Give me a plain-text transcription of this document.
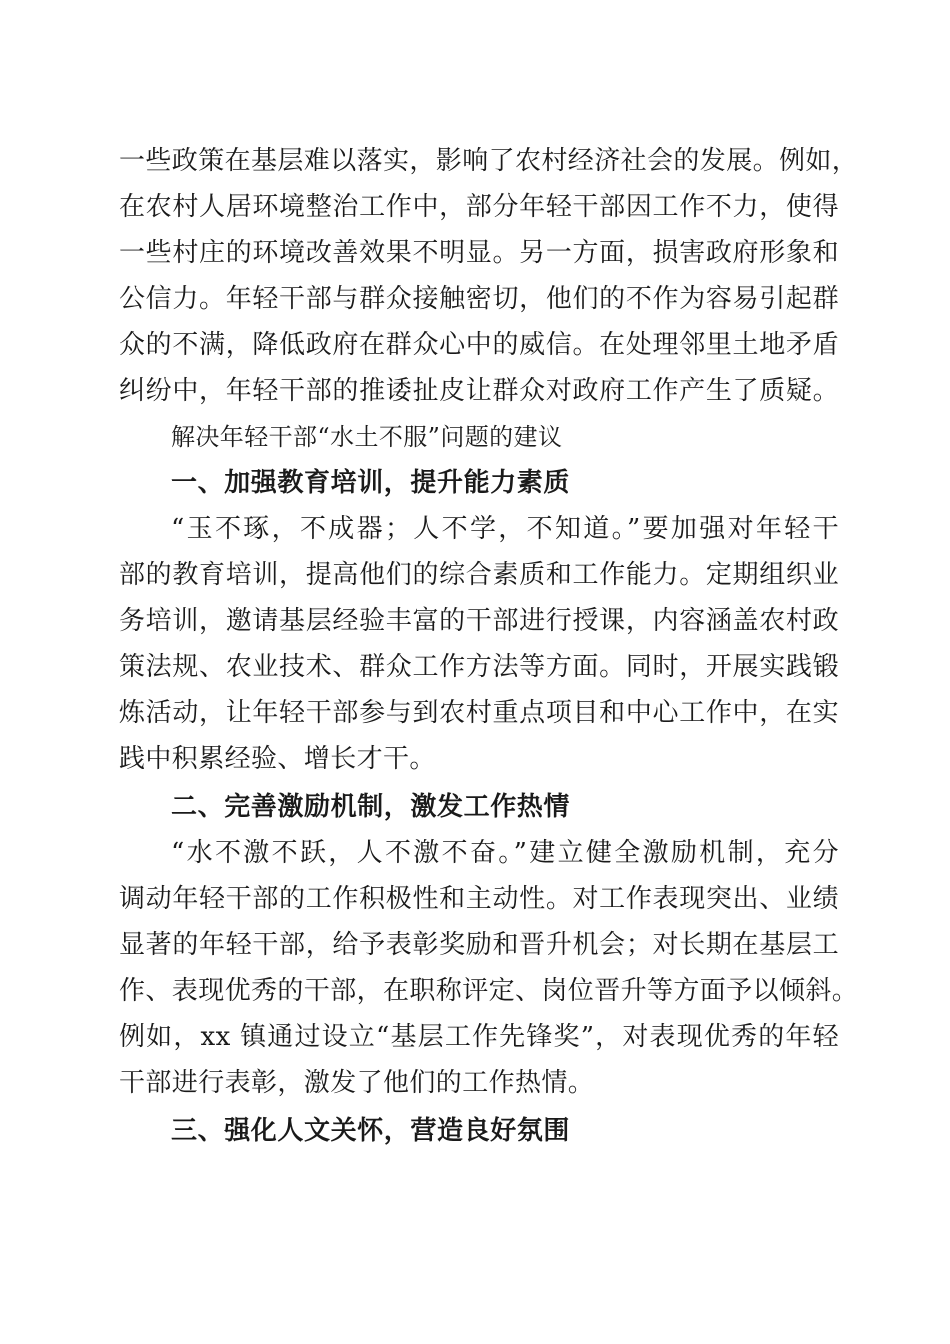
一些政策在基层难以落实，影响了农村经济社会的发展。例如，
在农村人居环境整治工作中，部分年轻干部因工作不力，使得
一些村庄的环境改善效果不明显。另一方面，损害政府形象和
公信力。年轻干部与群众接触密切，他们的不作为容易引起群
众的不满，降低政府在群众心中的威信。在处理邻里土地矛盾
纠纷中，年轻干部的推诿扯皮让群众对政府工作产生了质疑。
解决年轻干部“水土不服”问题的建议
一、加强教育培训，提升能力素质
“玉不琢，不成器；人不学，不知道。”要加强对年轻干
部的教育培训，提高他们的综合素质和工作能力。定期组织业
务培训，邀请基层经验丰富的干部进行授课，内容涵盖农村政
策法规、农业技术、群众工作方法等方面。同时，开展实践锻
炼活动，让年轻干部参与到农村重点项目和中心工作中，在实
践中积累经验、增长才干。
二、完善激励机制，激发工作热情
“水不激不跃，人不激不奋。”建立健全激励机制，充分
调动年轻干部的工作积极性和主动性。对工作表现突出、业绩
显著的年轻干部，给予表彰奖励和晋升机会；对长期在基层工
作、表现优秀的干部，在职称评定、岗位晋升等方面予以倾斜。
例如，xx 镇通过设立“基层工作先锋奖”，对表现优秀的年轻
干部进行表彰，激发了他们的工作热情。
三、强化人文关怀，营造良好氛围
